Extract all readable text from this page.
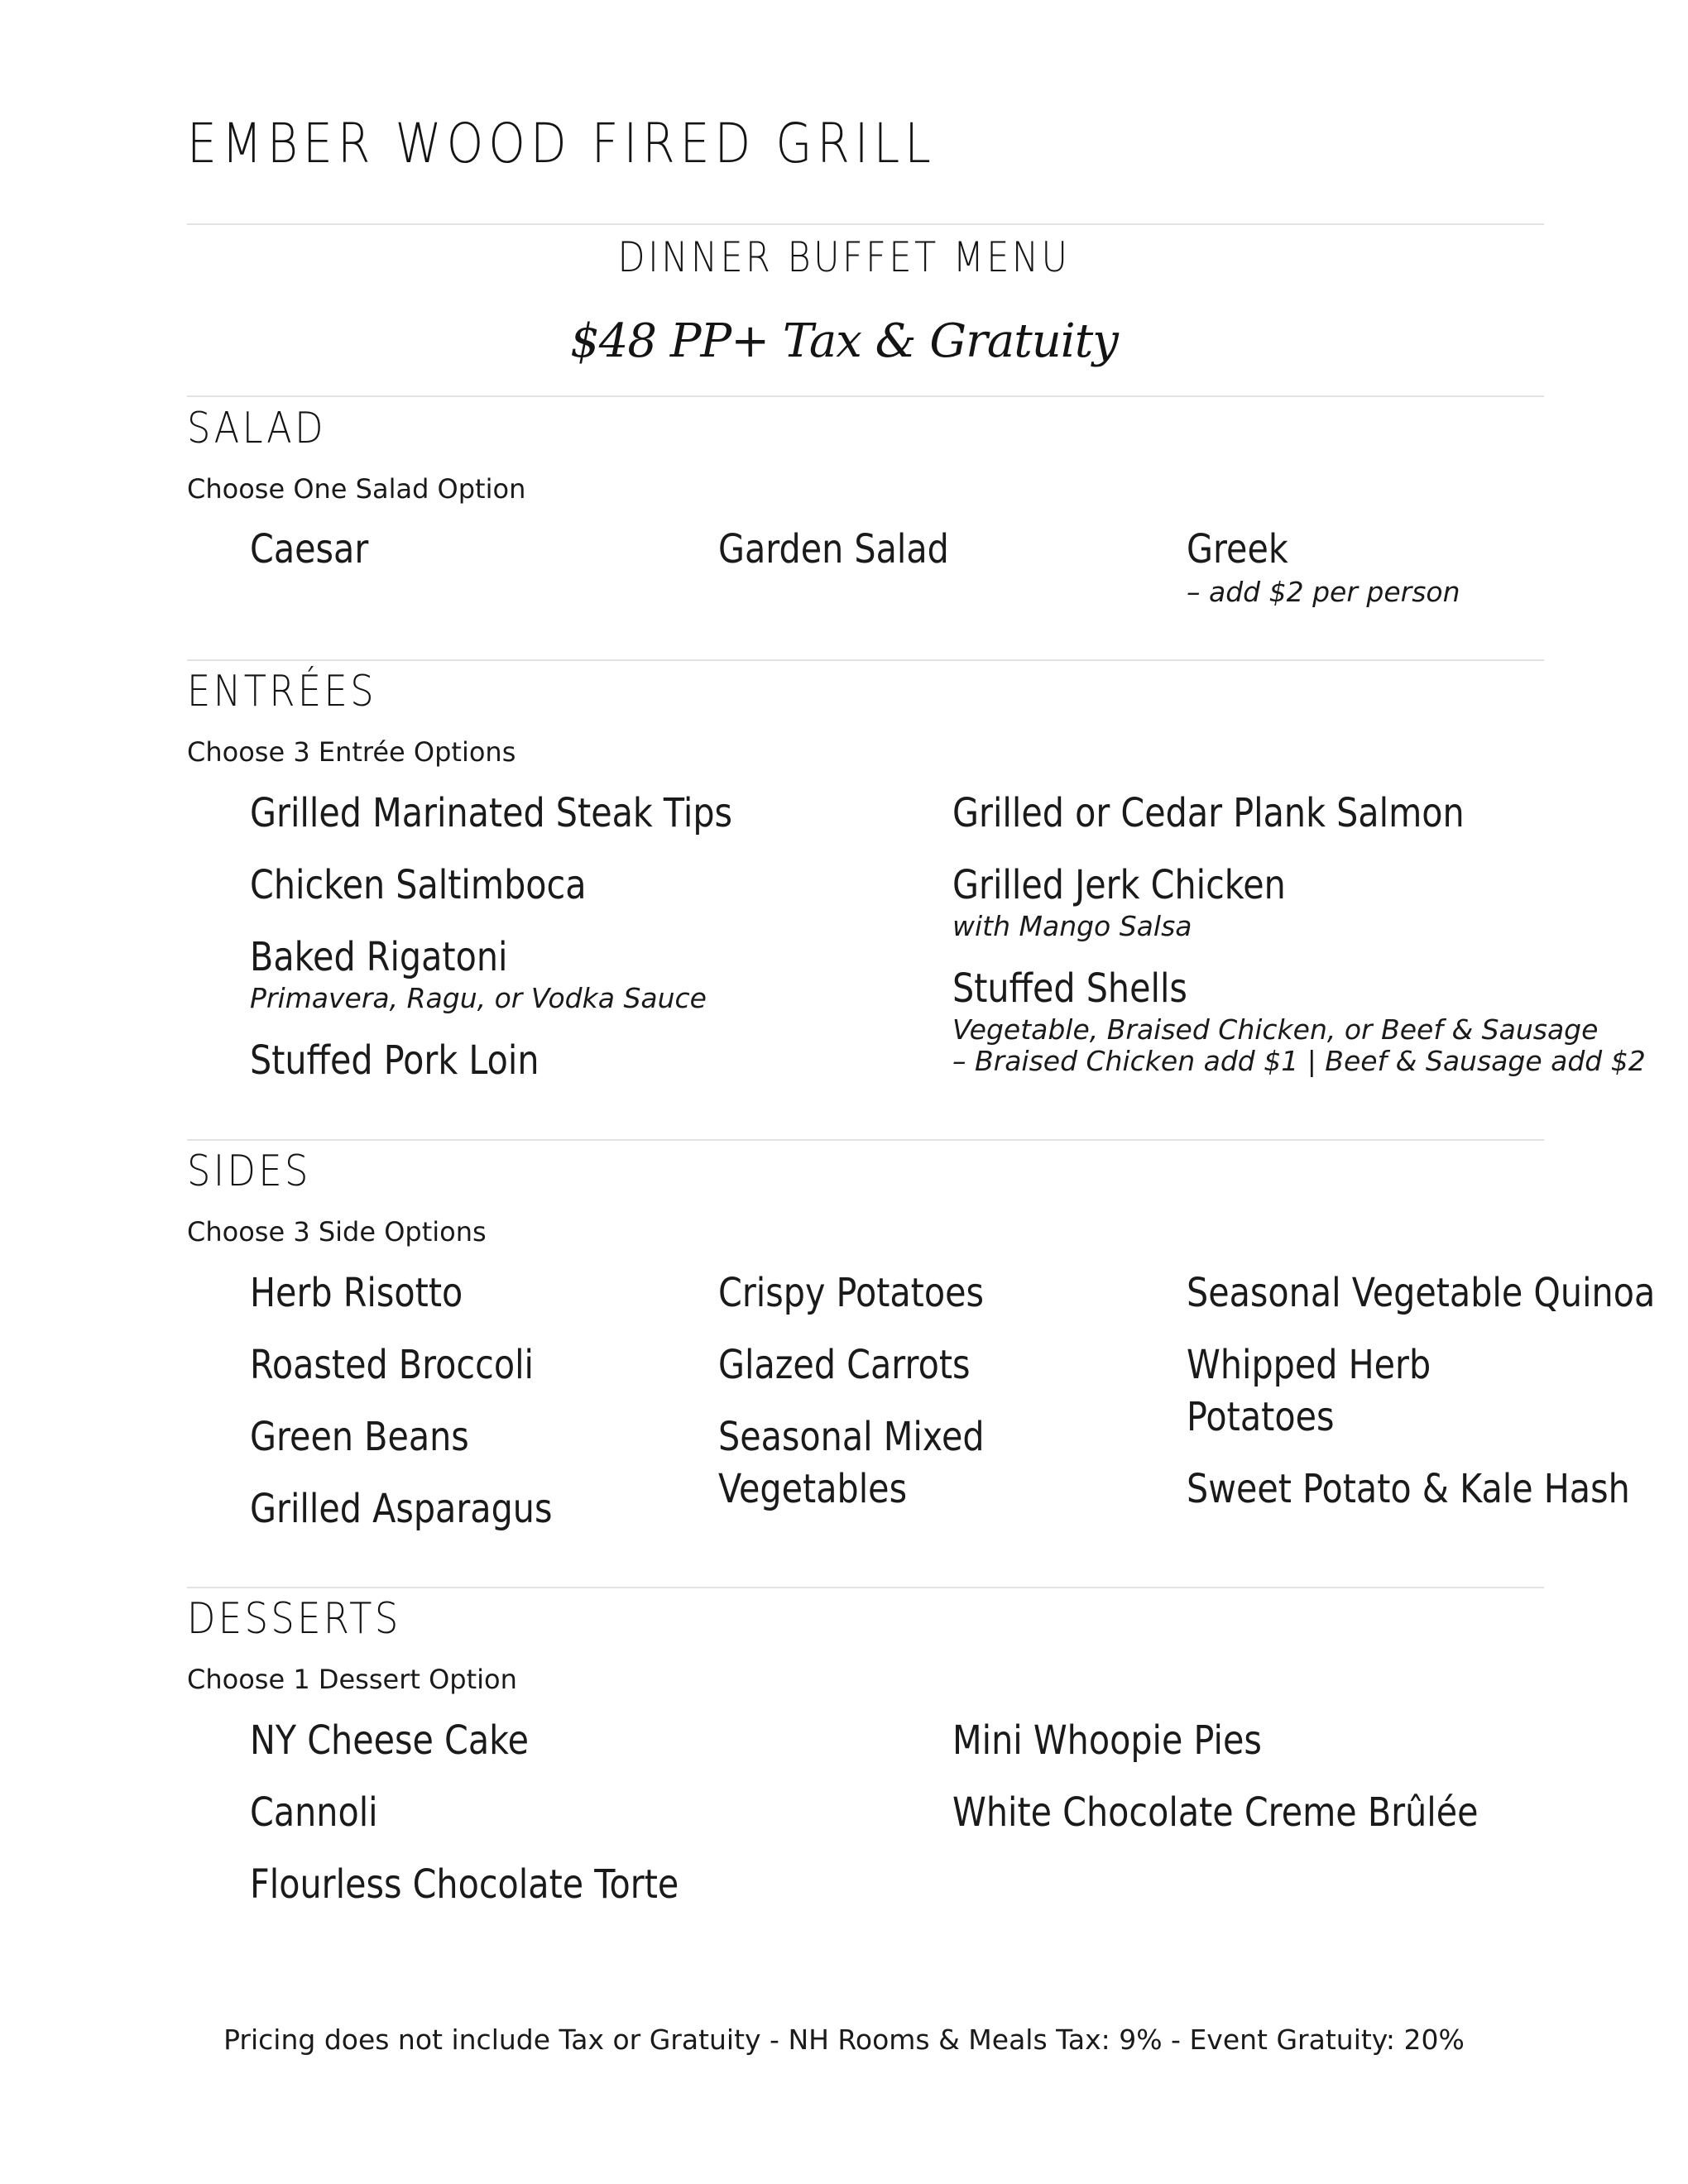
EMBER WOOD FIRED GRILL
DINNER BUFFET MENU
$48 PP+ Tax & Gratuity
SALAD
Choose One Salad Option
Caesar	Garden Salad	Greek
– add $2 per person
ENTRÉES
Choose 3 Entrée Options
Grilled Marinated Steak Tips
Chicken Saltimboca
Baked Rigatoni
Primavera, Ragu, or Vodka Sauce
Stuffed Pork Loin
Grilled or Cedar Plank Salmon
Grilled Jerk Chicken
with Mango Salsa
Stuffed Shells
Vegetable, Braised Chicken, or Beef & Sausage
– Braised Chicken add $1 | Beef & Sausage add $2
SIDES
Choose 3 Side Options
Herb Risotto
Roasted Broccoli
Green Beans
Grilled Asparagus
Crispy Potatoes
Glazed Carrots
Seasonal Mixed
Vegetables
Seasonal Vegetable Quinoa
Whipped Herb
Potatoes
Sweet Potato & Kale Hash
DESSERTS
Choose 1 Dessert Option
NY Cheese Cake
Cannoli
Flourless Chocolate Torte
Mini Whoopie Pies
White Chocolate Creme Brûlée
Pricing does not include Tax or Gratuity - NH Rooms & Meals Tax: 9% - Event Gratuity: 20%
